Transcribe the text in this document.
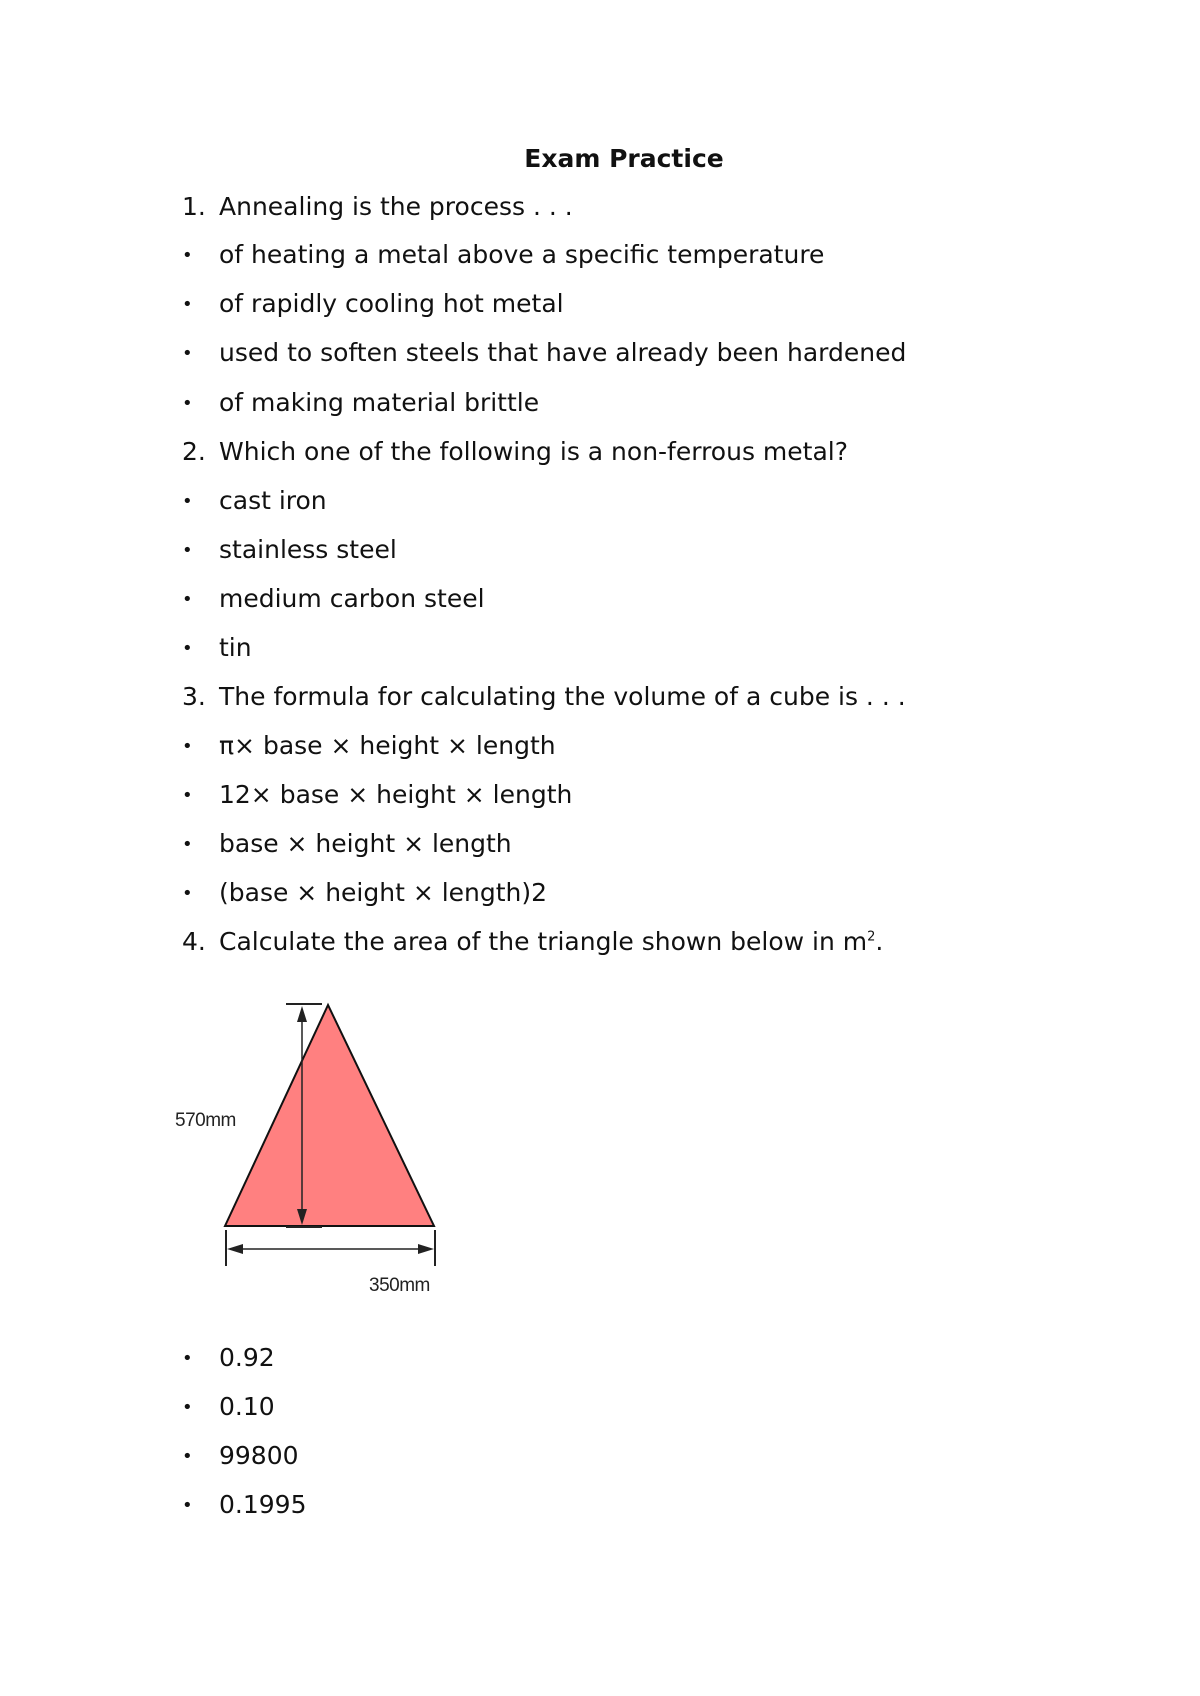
Exam Practice
1. Annealing is the process . . .
• of heating a metal above a specific temperature
• of rapidly cooling hot metal
• used to soften steels that have already been hardened
• of making material brittle
2. Which one of the following is a non-ferrous metal?
• cast iron
• stainless steel
• medium carbon steel
• tin
3. The formula for calculating the volume of a cube is . . .
• π× base × height × length
• 12× base × height × length
• base × height × length
• (base × height × length)2
4. Calculate the area of the triangle shown below in $m^2$.
570mm
350mm
• 0.92
• 0.10
• 99800
• 0.1995
